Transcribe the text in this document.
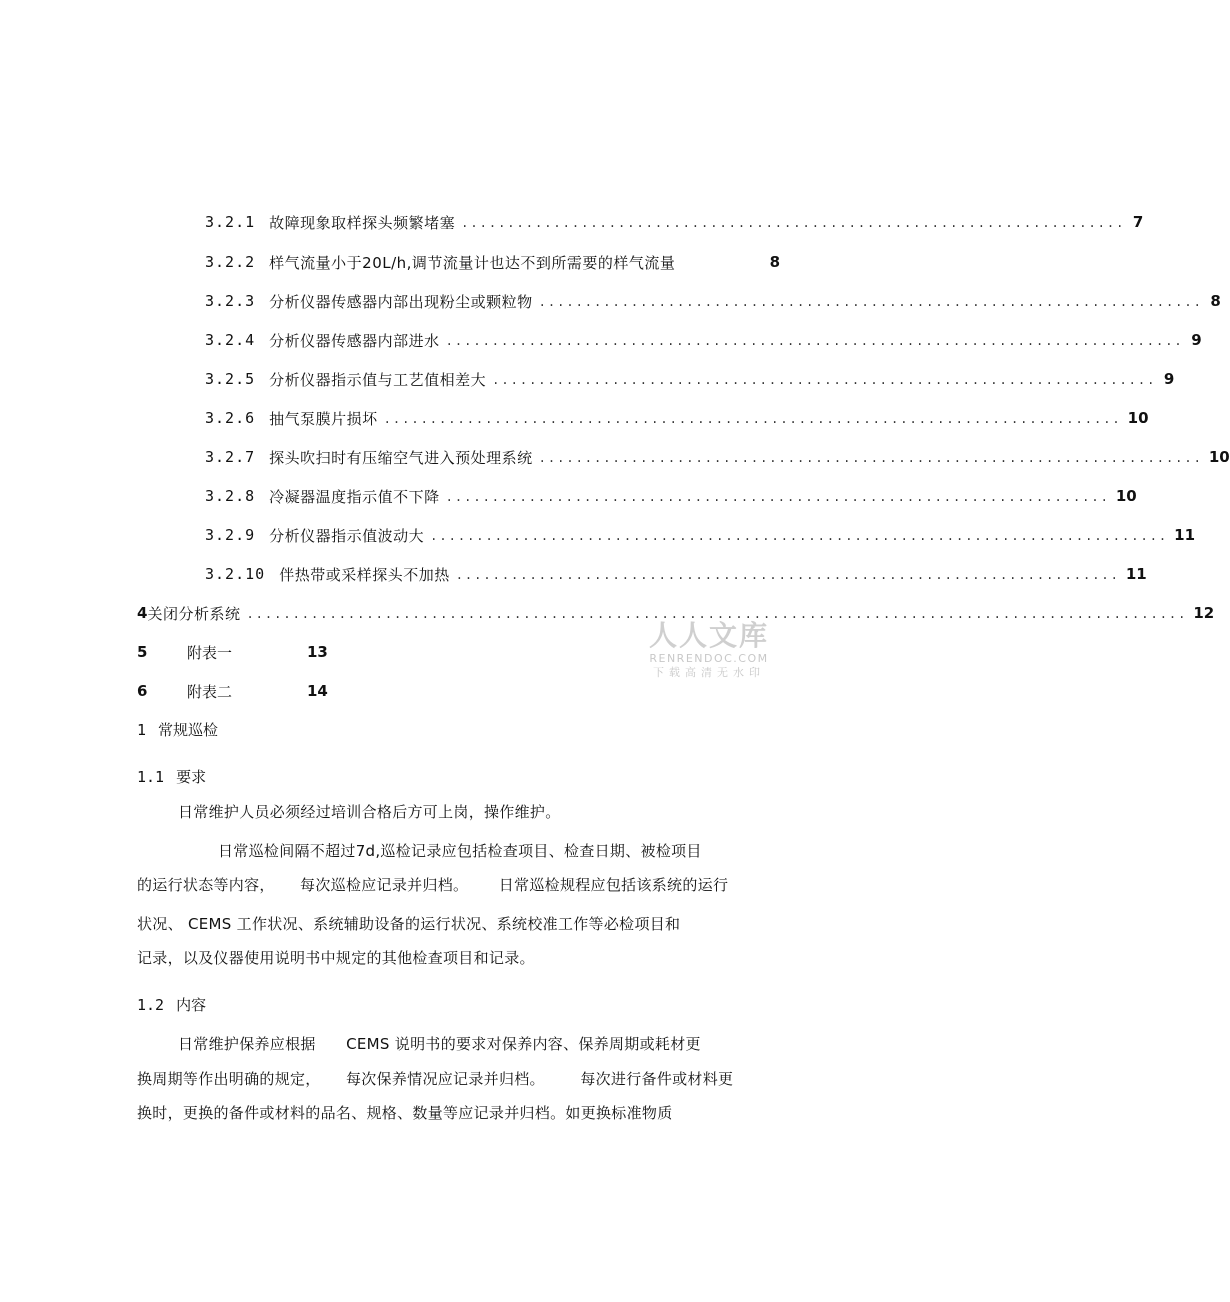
3.2.1 故障现象取样探头频繁堵塞 ........................................................................ 7
3.2.2 样气流量小于20L/h,调节流量计也达不到所需要的样气流量	8
3.2.3 分析仪器传感器内部出现粉尘或颗粒物 ........................................................................ 8
3.2.4 分析仪器传感器内部进水 ................................................................................ 9
3.2.5 分析仪器指示值与工艺值相差大 ........................................................................ 9
3.2.6 抽气泵膜片损坏 ................................................................................ 10
3.2.7 探头吹扫时有压缩空气进入预处理系统 ........................................................................ 10
3.2.8 冷凝器温度指示值不下降 ........................................................................ 10
3.2.9 分析仪器指示值波动大 ................................................................................ 11
3.2.10 伴热带或采样探头不加热 ........................................................................ 11
4 关闭分析系统 ...................................................................................................... 12
5	附表一	13
6	附表二	14
人人文库
RENRENDOC.COM
下载高清无水印
1 常规巡检
1.1 要求
日常维护人员必须经过培训合格后方可上岗，操作维护。
日常巡检间隔不超过7d,巡检记录应包括检查项目、检查日期、被检项目
的运行状态等内容，     每次巡检应记录并归档。      日常巡检规程应包括该系统的运行
状况、 CEMS 工作状况、系统辅助设备的运行状况、系统校准工作等必检项目和
记录，以及仪器使用说明书中规定的其他检查项目和记录。
1.2 内容
日常维护保养应根据      CEMS 说明书的要求对保养内容、保养周期或耗材更
换周期等作出明确的规定，     每次保养情况应记录并归档。       每次进行备件或材料更
换时，更换的备件或材料的品名、规格、数量等应记录并归档。如更换标准物质
